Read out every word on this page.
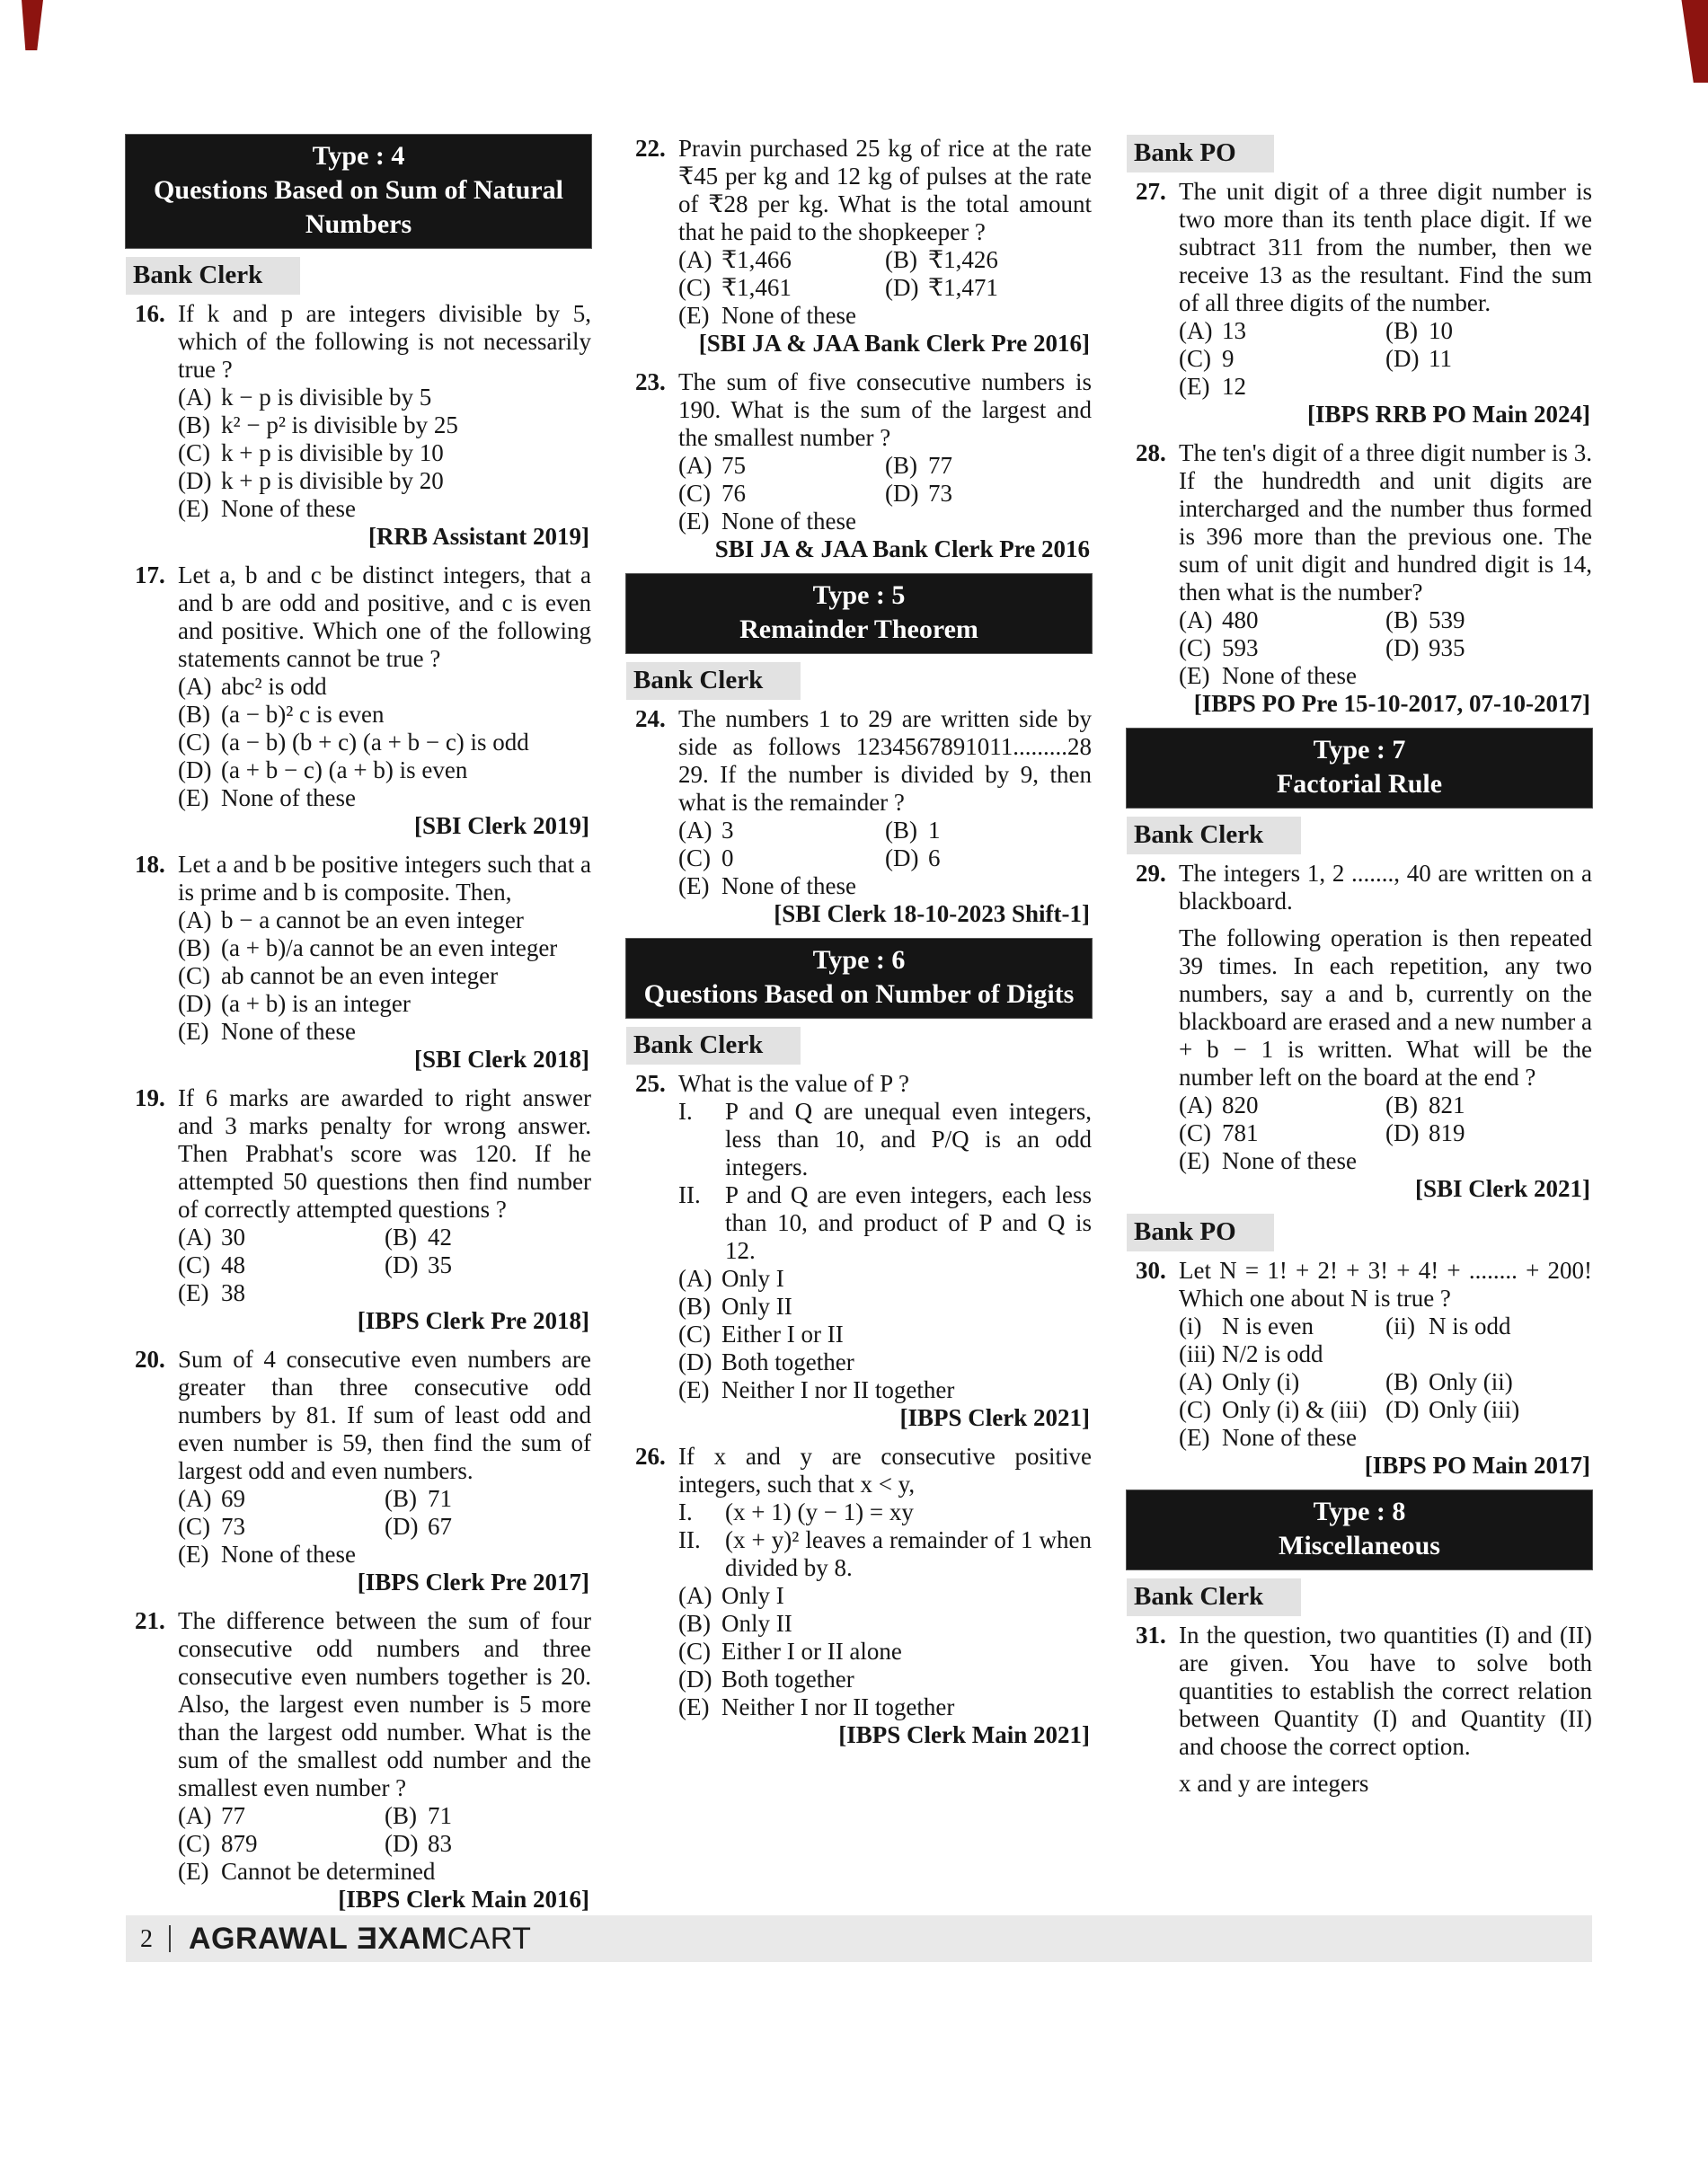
Type : 4
Questions Based on Sum of Natural Numbers
Bank Clerk
16. If k and p are integers divisible by 5, which of the following is not necessarily true ?

(A) k − p is divisible by 5
(B) k² − p² is divisible by 25
(C) k + p is divisible by 10
(D) k + p is divisible by 20
(E) None of these
[RRB Assistant 2019]
17. Let a, b and c be distinct integers, that a and b are odd and positive, and c is even and positive. Which one of the following statements cannot be true ?

(A) abc² is odd
(B) (a − b)² c is even
(C) (a − b) (b + c) (a + b − c) is odd
(D) (a + b − c) (a + b) is even
(E) None of these
[SBI Clerk 2019]
18. Let a and b be positive integers such that a is prime and b is composite. Then,

(A) b − a cannot be an even integer
(B) (a + b)/a cannot be an even integer
(C) ab cannot be an even integer
(D) (a + b) is an integer
(E) None of these
[SBI Clerk 2018]
19. If 6 marks are awarded to right answer and 3 marks penalty for wrong answer. Then Prabhat's score was 120. If he attempted 50 questions then find number of correctly attempted questions ?

(A) 30	(B) 42
(C) 48	(D) 35
(E) 38
[IBPS Clerk Pre 2018]
20. Sum of 4 consecutive even numbers are greater than three consecutive odd numbers by 81. If sum of least odd and even number is 59, then find the sum of largest odd and even numbers.

(A) 69	(B) 71
(C) 73	(D) 67
(E) None of these
[IBPS Clerk Pre 2017]
21. The difference between the sum of four consecutive odd numbers and three consecutive even numbers together is 20. Also, the largest even number is 5 more than the largest odd number. What is the sum of the smallest odd number and the smallest even number ?

(A) 77	(B) 71
(C) 879	(D) 83
(E) Cannot be determined
[IBPS Clerk Main 2016]
22. Pravin purchased 25 kg of rice at the rate ₹45 per kg and 12 kg of pulses at the rate of ₹28 per kg. What is the total amount that he paid to the shopkeeper ?

(A) ₹1,466	(B) ₹1,426
(C) ₹1,461	(D) ₹1,471
(E) None of these
[SBI JA & JAA Bank Clerk Pre 2016]
23. The sum of five consecutive numbers is 190. What is the sum of the largest and the smallest number ?

(A) 75	(B) 77
(C) 76	(D) 73
(E) None of these
SBI JA & JAA Bank Clerk Pre 2016
Type : 5
Remainder Theorem
Bank Clerk
24. The numbers 1 to 29 are written side by side as follows 1234567891011.........28 29. If the number is divided by 9, then what is the remainder ?

(A) 3	(B) 1
(C) 0	(D) 6
(E) None of these
[SBI Clerk 18-10-2023 Shift-1]
Type : 6
Questions Based on Number of Digits
Bank Clerk
25. What is the value of P ?

I.	P and Q are unequal even integers, less than 10, and P/Q is an odd integers.
II.	P and Q are even integers, each less than 10, and product of P and Q is 12.
(A) Only I
(B) Only II
(C) Either I or II
(D) Both together
(E) Neither I nor II together
[IBPS Clerk 2021]
26. If x and y are consecutive positive integers, such that x < y,

I.	(x + 1) (y − 1) = xy
II.	(x + y)² leaves a remainder of 1 when divided by 8.
(A) Only I
(B) Only II
(C) Either I or II alone
(D) Both together
(E) Neither I nor II together
[IBPS Clerk Main 2021]
Bank PO
27. The unit digit of a three digit number is two more than its tenth place digit. If we subtract 311 from the number, then we receive 13 as the resultant. Find the sum of all three digits of the number.

(A) 13	(B) 10
(C) 9	(D) 11
(E) 12
[IBPS RRB PO Main 2024]
28. The ten's digit of a three digit number is 3. If the hundredth and unit digits are intercharged and the number thus formed is 396 more than the previous one. The sum of unit digit and hundred digit is 14, then what is the number?

(A) 480	(B) 539
(C) 593	(D) 935
(E) None of these
[IBPS PO Pre 15-10-2017, 07-10-2017]
Type : 7
Factorial Rule
Bank Clerk
29. The integers 1, 2 ......., 40 are written on a blackboard.

The following operation is then repeated 39 times. In each repetition, any two numbers, say a and b, currently on the blackboard are erased and a new number a + b − 1 is written. What will be the number left on the board at the end ?

(A) 820	(B) 821
(C) 781	(D) 819
(E) None of these
[SBI Clerk 2021]
Bank PO
30. Let N = 1! + 2! + 3! + 4! + ........ + 200! Which one about N is true ?

(i) N is even	(ii) N is odd
(iii) N/2 is odd
(A) Only (i)	(B) Only (ii)
(C) Only (i) & (iii) (D) Only (iii)
(E) None of these
[IBPS PO Main 2017]
Type : 8
Miscellaneous
Bank Clerk
31. In the question, two quantities (I) and (II) are given. You have to solve both quantities to establish the correct relation between Quantity (I) and Quantity (II) and choose the correct option.

x and y are integers

2 AGRAWAL ƎXAMCART
